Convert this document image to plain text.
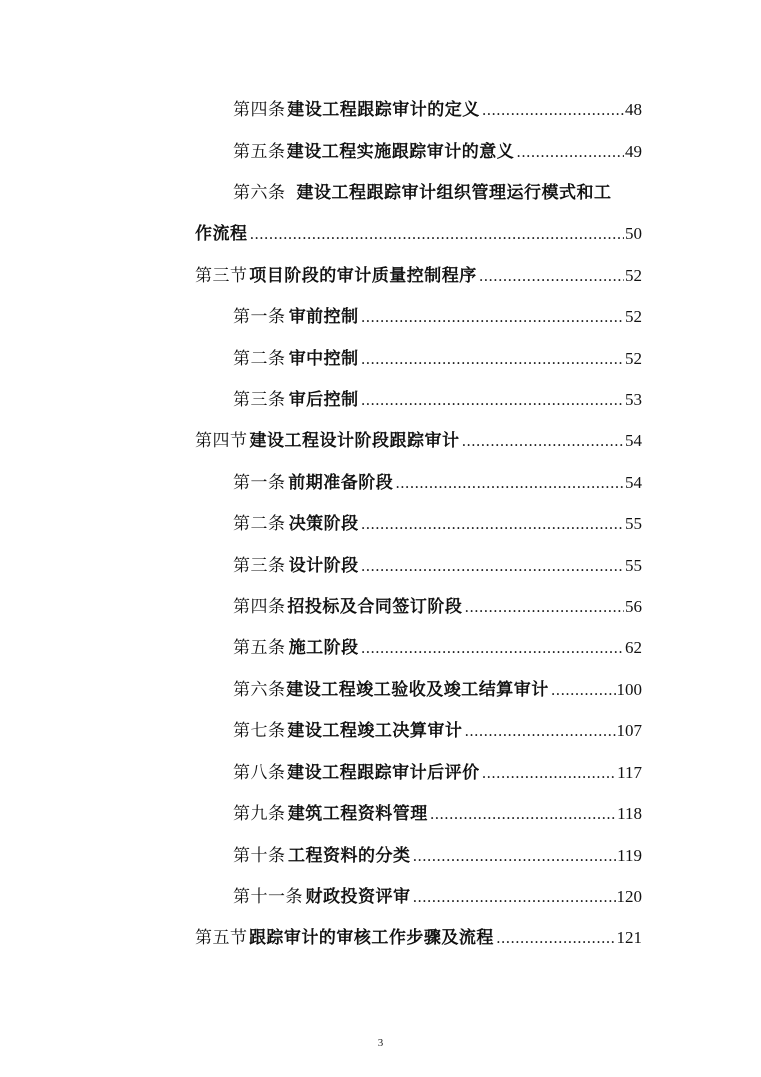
第四条 建设工程跟踪审计的定义 .....	48
第五条 建设工程实施跟踪审计的意义 .....	49
第六条 建设工程跟踪审计组织管理运行模式和工
作流程 .....	50
第三节 项目阶段的审计质量控制程序 .....	52
第一条 审前控制 .....	52
第二条 审中控制 .....	52
第三条 审后控制 .....	53
第四节 建设工程设计阶段跟踪审计 .....	54
第一条 前期准备阶段 .....	54
第二条 决策阶段 .....	55
第三条 设计阶段 .....	55
第四条 招投标及合同签订阶段 .....	56
第五条 施工阶段 .....	62
第六条 建设工程竣工验收及竣工结算审计 .....	100
第七条 建设工程竣工决算审计 .....	107
第八条 建设工程跟踪审计后评价 .....	117
第九条 建筑工程资料管理 .....	118
第十条 工程资料的分类 .....	119
第十一条 财政投资评审 .....	120
第五节 跟踪审计的审核工作步骤及流程 .....	121
3
